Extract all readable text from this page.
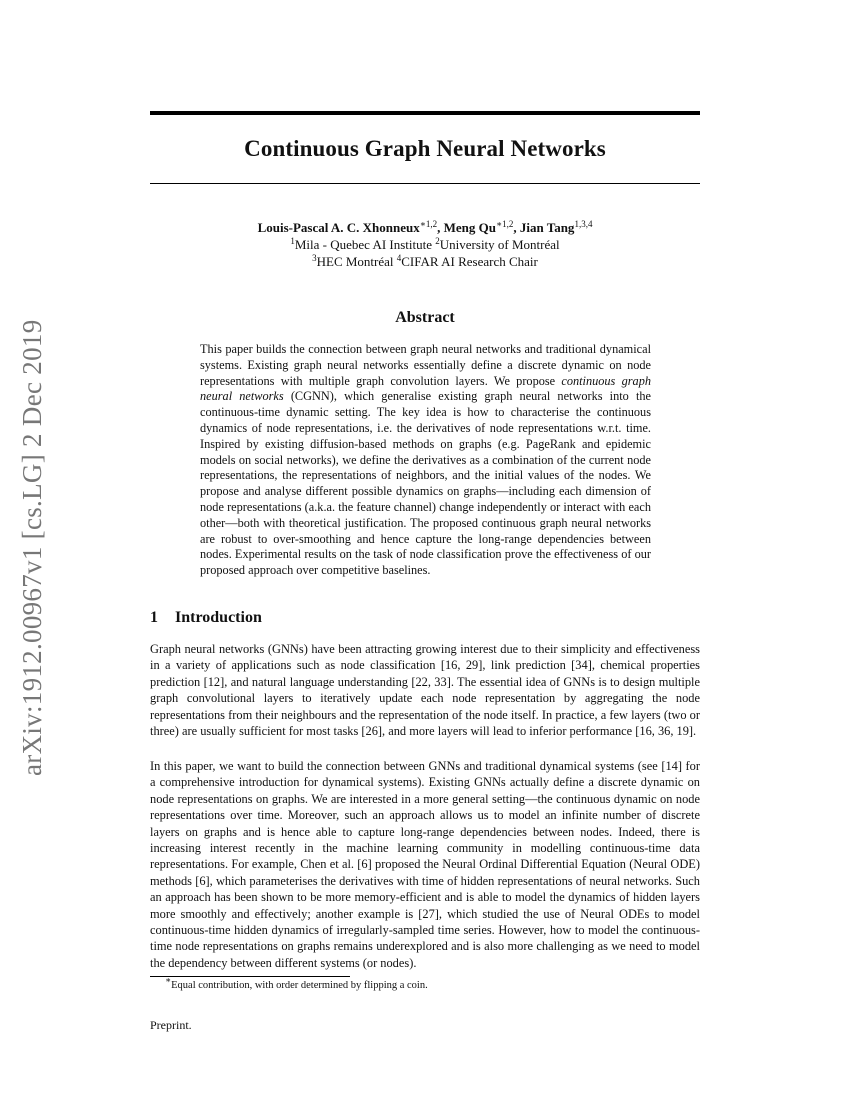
arXiv:1912.00967v1 [cs.LG] 2 Dec 2019
Continuous Graph Neural Networks
Louis-Pascal A. C. Xhonneux$^{∗1,2}$, Meng $Qu^{∗1,2}$, Jian Tang$^{1,3,4}$
$^1$Mila - Quebec AI Institute $^2$University of Montréal
$^3$HEC Montréal $^4$CIFAR AI Research Chair
Abstract

This paper builds the connection between graph neural networks and traditional dynamical systems. Existing graph neural networks essentially define a discrete dynamic on node representations with multiple graph convolution layers. We propose continuous graph neural networks (CGNN), which generalise existing graph neural networks into the continuous-time dynamic setting. The key idea is how to characterise the continuous dynamics of node representations, i.e. the derivatives of node representations w.r.t. time. Inspired by existing diffusion-based methods on graphs (e.g. PageRank and epidemic models on social networks), we define the derivatives as a combination of the current node representations, the representations of neighbors, and the initial values of the nodes. We propose and analyse different possible dynamics on graphs—including each dimension of node representations (a.k.a. the feature channel) change independently or interact with each other—both with theoretical justification. The proposed continuous graph neural networks are robust to over-smoothing and hence capture the long-range dependencies between nodes. Experimental results on the task of node classification prove the effectiveness of our proposed approach over competitive baselines.

1 Introduction

Graph neural networks (GNNs) have been attracting growing interest due to their simplicity and effectiveness in a variety of applications such as node classification [16, 29], link prediction [34], chemical properties prediction [12], and natural language understanding [22, 33]. The essential idea of GNNs is to design multiple graph convolutional layers to iteratively update each node representation by aggregating the node representations from their neighbours and the representation of the node itself. In practice, a few layers (two or three) are usually sufficient for most tasks [26], and more layers will lead to inferior performance [16, 36, 19].

In this paper, we want to build the connection between GNNs and traditional dynamical systems (see [14] for a comprehensive introduction for dynamical systems). Existing GNNs actually define a discrete dynamic on node representations on graphs. We are interested in a more general setting—the continuous dynamic on node representations over time. Moreover, such an approach allows us to model an infinite number of discrete layers on graphs and is hence able to capture long-range dependencies between nodes. Indeed, there is increasing interest recently in the machine learning community in modelling continuous-time data representations. For example, Chen et al. [6] proposed the Neural Ordinal Differential Equation (Neural ODE) methods [6], which parameterises the derivatives with time of hidden representations of neural networks. Such an approach has been shown to be more memory-efficient and is able to model the dynamics of hidden layers more smoothly and effectively; another example is [27], which studied the use of Neural ODEs to model continuous-time hidden dynamics of irregularly-sampled time series. However, how to model the continuous-time node representations on graphs remains underexplored and is also more challenging as we need to model the dependency between different systems (or nodes).

∗Equal contribution, with order determined by flipping a coin.

Preprint.
